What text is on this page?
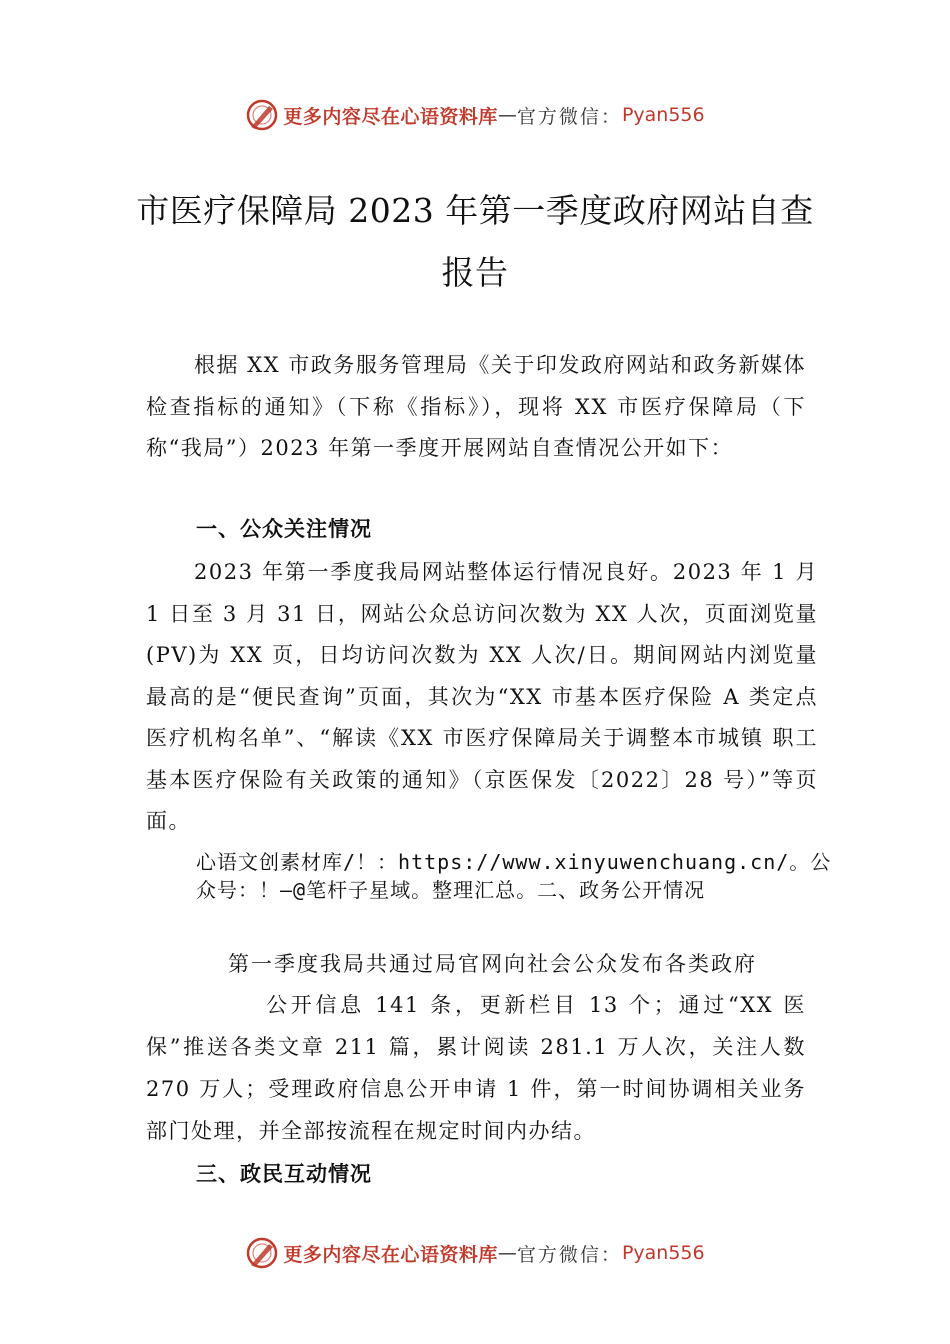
更多内容尽在心语资料库 — 官方微信： Pyan556
市医疗保障局 2023 年第一季度政府网站自查报告
根据 XX 市政务服务管理局《关于印发政府网站和政务新媒体检查指标的通知》（下称《指标》），现将 XX 市医疗保障局（下称“我局”）2023 年第一季度开展网站自查情况公开如下：
一、公众关注情况
2023 年第一季度我局网站整体运行情况良好。2023 年 1 月 1 日至 3 月 31 日，网站公众总访问次数为 XX 人次，页面浏览量(PV)为 XX 页，日均访问次数为 XX 人次/日。期间网站内浏览量最高的是“便民查询”页面，其次为“XX 市基本医疗保险 A 类定点医疗机构名单”、“解读《XX 市医疗保障局关于调整本市城镇 职工基本医疗保险有关政策的通知》（京医保发〔2022〕28 号）”等页面。
心语文创素材库/！：https://www.xinyuwenchuang.cn/。公众号：！—@笔杆子星域。整理汇总。二、政务公开情况
第一季度我局共通过局官网向社会公众发布各类政府
公开信息 141 条，更新栏目 13 个；通过“XX 医保”推送各类文章 211 篇，累计阅读 281.1 万人次，关注人数 270 万人；受理政府信息公开申请 1 件，第一时间协调相关业务部门处理，并全部按流程在规定时间内办结。
三、政民互动情况
更多内容尽在心语资料库 — 官方微信： Pyan556
